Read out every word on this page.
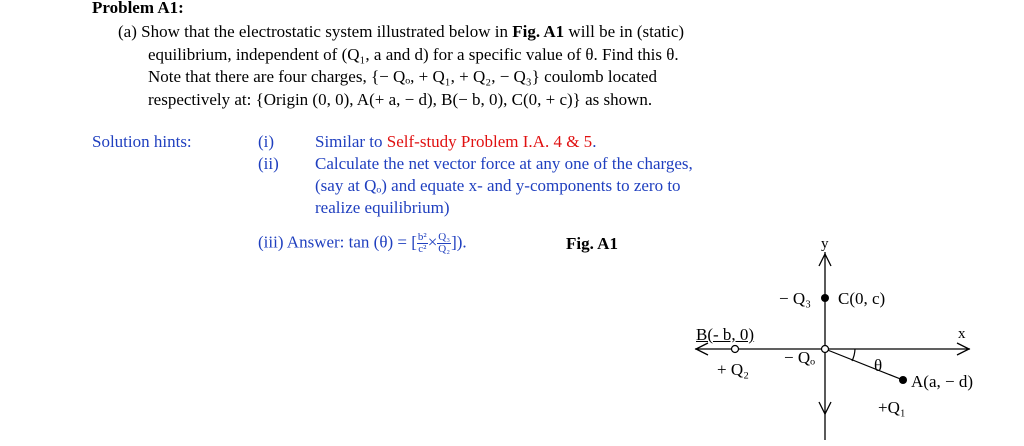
Problem A1:
(a) Show that the electrostatic system illustrated below in Fig. A1 will be in (static)
equilibrium, independent of (Q₁, a and d) for a specific value of θ. Find this θ.
Note that there are four charges, {− Qₒ, + Q₁, + Q₂, − Q₃} coulomb located
respectively at: {Origin (0, 0), A(+ a, − d), B(− b, 0), C(0, + c)} as shown.
Solution hints:	(i) Similar to Self-study Problem I.A. 4 & 5.
(ii) Calculate the net vector force at any one of the charges,
(say at Qₒ) and equate x- and y-components to zero to
realize equilibrium)
(iii) Answer: tan (θ) = [ $\frac{\text{b²}}{\text{c²}} \times \frac{\text{Q₃}}{\text{Q₂}}$ ]).	Fig. A1	y
x
− Q₃ C(0, c)
B(- b, 0)
+ Q₂
− Qₒ	θ
A(a, − d)
+Q₁
